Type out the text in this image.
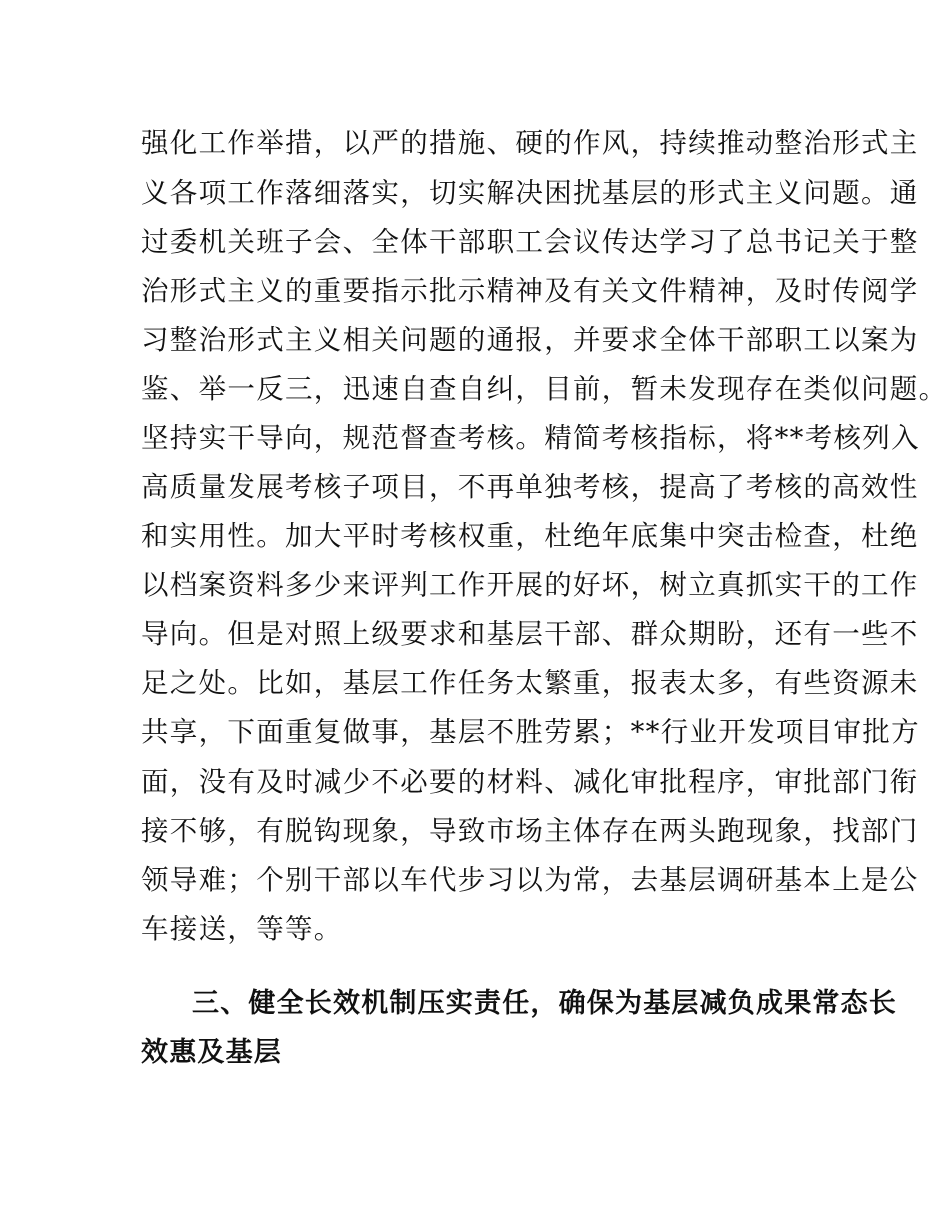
强化工作举措，以严的措施、硬的作风，持续推动整治形式主
义各项工作落细落实，切实解决困扰基层的形式主义问题。通
过委机关班子会、全体干部职工会议传达学习了总书记关于整
治形式主义的重要指示批示精神及有关文件精神，及时传阅学
习整治形式主义相关问题的通报，并要求全体干部职工以案为
鉴、举一反三，迅速自查自纠，目前，暂未发现存在类似问题。
坚持实干导向，规范督查考核。精简考核指标，将**考核列入
高质量发展考核子项目，不再单独考核，提高了考核的高效性
和实用性。加大平时考核权重，杜绝年底集中突击检查，杜绝
以档案资料多少来评判工作开展的好坏，树立真抓实干的工作
导向。但是对照上级要求和基层干部、群众期盼，还有一些不
足之处。比如，基层工作任务太繁重，报表太多，有些资源未
共享，下面重复做事，基层不胜劳累；**行业开发项目审批方
面，没有及时减少不必要的材料、减化审批程序，审批部门衔
接不够，有脱钩现象，导致市场主体存在两头跑现象，找部门
领导难；个别干部以车代步习以为常，去基层调研基本上是公
车接送，等等。
三、健全长效机制压实责任，确保为基层减负成果常态长
效惠及基层
